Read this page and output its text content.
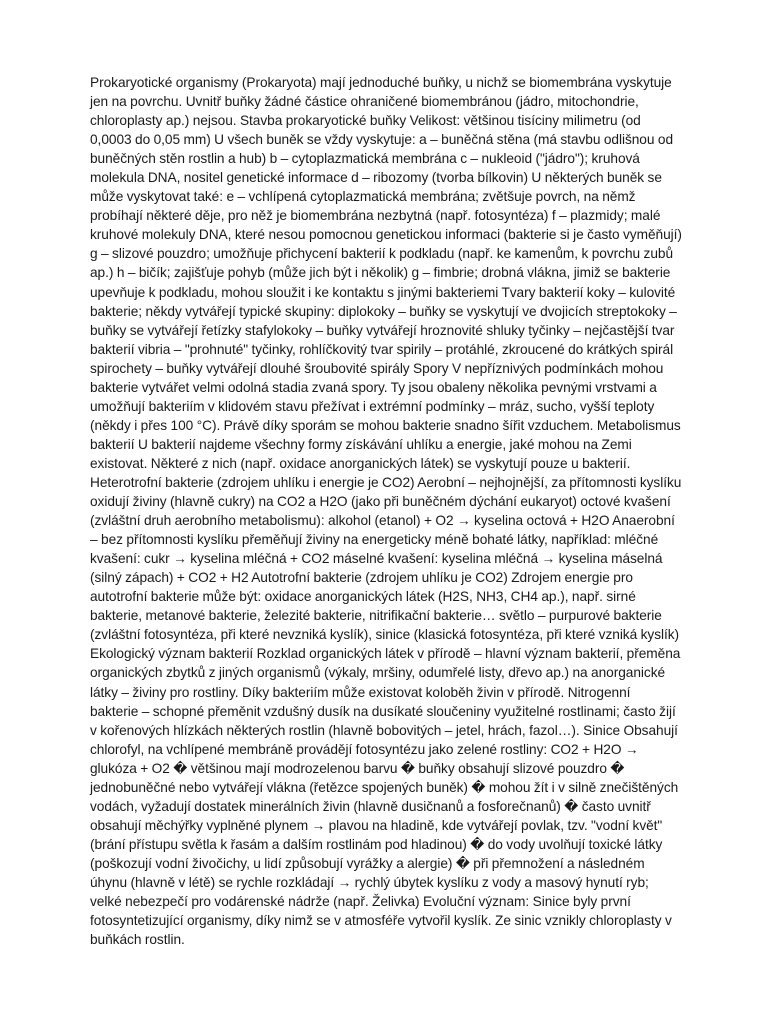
Prokaryotické organismy (Prokaryota) mají jednoduché buňky, u nichž se biomembrána vyskytuje jen na povrchu. Uvnitř buňky žádné částice ohraničené biomembránou (jádro, mitochondrie, chloroplasty ap.) nejsou. Stavba prokaryotické buňky Velikost: většinou tisíciny milimetru (od 0,0003 do 0,05 mm) U všech buněk se vždy vyskytuje: a – buněčná stěna (má stavbu odlišnou od buněčných stěn rostlin a hub) b – cytoplazmatická membrána c – nukleoid ("jádro"); kruhová molekula DNA, nositel genetické informace d – ribozomy (tvorba bílkovin) U některých buněk se může vyskytovat také: e – vchlípená cytoplazmatická membrána; zvětšuje povrch, na němž probíhají některé děje, pro něž je biomembrána nezbytná (např. fotosyntéza) f – plazmidy; malé kruhové molekuly DNA, které nesou pomocnou genetickou informaci (bakterie si je často vyměňují) g – slizové pouzdro; umožňuje přichycení bakterií k podkladu (např. ke kamenům, k povrchu zubů ap.) h – bičík; zajišťuje pohyb (může jich být i několik) g – fimbrie; drobná vlákna, jimiž se bakterie upevňuje k podkladu, mohou sloužit i ke kontaktu s jinými bakteriemi Tvary bakterií koky – kulovité bakterie; někdy vytvářejí typické skupiny: diplokoky – buňky se vyskytují ve dvojicích streptokoky – buňky se vytvářejí řetízky stafylokoky – buňky vytvářejí hroznovité shluky tyčinky – nejčastější tvar bakterií vibria – "prohnuté" tyčinky, rohlíčkovitý tvar spirily – protáhlé, zkroucené do krátkých spirál spirochety – buňky vytvářejí dlouhé šroubovité spirály Spory V nepříznivých podmínkách mohou bakterie vytvářet velmi odolná stadia zvaná spory. Ty jsou obaleny několika pevnými vrstvami a umožňují bakteriím v klidovém stavu přežívat i extrémní podmínky – mráz, sucho, vyšší teploty (někdy i přes 100 °C). Právě díky sporám se mohou bakterie snadno šířit vzduchem. Metabolismus bakterií U bakterií najdeme všechny formy získávání uhlíku a energie, jaké mohou na Zemi existovat. Některé z nich (např. oxidace anorganických látek) se vyskytují pouze u bakterií. Heterotrofní bakterie (zdrojem uhlíku i energie je CO2) Aerobní – nejhojnější, za přítomnosti kyslíku oxidují živiny (hlavně cukry) na CO2 a H2O (jako při buněčném dýchání eukaryot) octové kvašení (zvláštní druh aerobního metabolismu): alkohol (etanol) + O2 → kyselina octová + H2O Anaerobní – bez přítomnosti kyslíku přeměňují živiny na energeticky méně bohaté látky, například: mléčné kvašení: cukr → kyselina mléčná + CO2 máselné kvašení: kyselina mléčná → kyselina máselná (silný zápach) + CO2 + H2 Autotrofní bakterie (zdrojem uhlíku je CO2) Zdrojem energie pro autotrofní bakterie může být: oxidace anorganických látek (H2S, NH3, CH4 ap.), např. sirné bakterie, metanové bakterie, železité bakterie, nitrifikační bakterie… světlo – purpurové bakterie (zvláštní fotosyntéza, při které nevzniká kyslík), sinice (klasická fotosyntéza, při které vzniká kyslík) Ekologický význam bakterií Rozklad organických látek v přírodě – hlavní význam bakterií, přeměna organických zbytků z jiných organismů (výkaly, mršiny, odumřelé listy, dřevo ap.) na anorganické látky – živiny pro rostliny. Díky bakteriím může existovat koloběh živin v přírodě. Nitrogenní bakterie – schopné přeměnit vzdušný dusík na dusíkaté sloučeniny využitelné rostlinami; často žijí v kořenových hlízkách některých rostlin (hlavně bobovitých – jetel, hrách, fazol…). Sinice Obsahují chlorofyl, na vchlípené membráně provádějí fotosyntézu jako zelené rostliny: CO2 + H2O → glukóza + O2 � většinou mají modrozelenou barvu � buňky obsahují slizové pouzdro � jednobuněčné nebo vytvářejí vlákna (řetězce spojených buněk) � mohou žít i v silně znečištěných vodách, vyžadují dostatek minerálních živin (hlavně dusičnanů a fosforečnanů) � často uvnitř obsahují měchýřky vyplněné plynem → plavou na hladině, kde vytvářejí povlak, tzv. "vodní květ" (brání přístupu světla k řasám a dalším rostlinám pod hladinou) � do vody uvolňují toxické látky (poškozují vodní živočichy, u lidí způsobují vyrážky a alergie) � při přemnožení a následném úhynu (hlavně v létě) se rychle rozkládají → rychlý úbytek kyslíku z vody a masový hynutí ryb; velké nebezpečí pro vodárenské nádrže (např. Želivka) Evoluční význam: Sinice byly první fotosyntetizující organismy, díky nimž se v atmosféře vytvořil kyslík. Ze sinic vznikly chloroplasty v buňkách rostlin.
